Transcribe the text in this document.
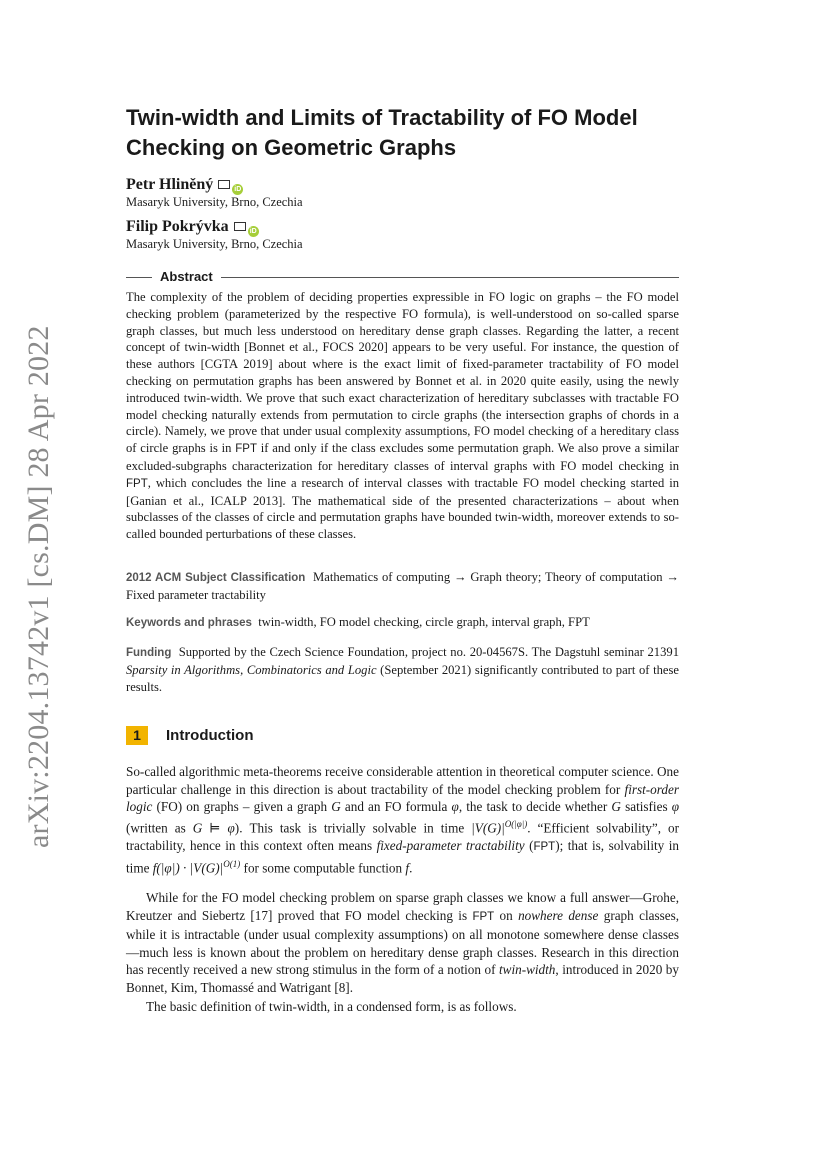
arXiv:2204.13742v1 [cs.DM] 28 Apr 2022
Twin-width and Limits of Tractability of FO Model Checking on Geometric Graphs
Petr Hliněný	iD
Masaryk University, Brno, Czechia
Filip Pokrývka	iD
Masaryk University, Brno, Czechia
Abstract

The complexity of the problem of deciding properties expressible in FO logic on graphs – the FO model checking problem (parameterized by the respective FO formula), is well-understood on so-called sparse graph classes, but much less understood on hereditary dense graph classes. Regarding the latter, a recent concept of twin-width [Bonnet et al., FOCS 2020] appears to be very useful. For instance, the question of these authors [CGTA 2019] about where is the exact limit of fixed-parameter tractability of FO model checking on permutation graphs has been answered by Bonnet et al. in 2020 quite easily, using the newly introduced twin-width. We prove that such exact characterization of hereditary subclasses with tractable FO model checking naturally extends from permutation to circle graphs (the intersection graphs of chords in a circle). Namely, we prove that under usual complexity assumptions, FO model checking of a hereditary class of circle graphs is in FPT if and only if the class excludes some permutation graph. We also prove a similar excluded-subgraphs characterization for hereditary classes of interval graphs with FO model checking in FPT, which concludes the line a research of interval classes with tractable FO model checking started in [Ganian et al., ICALP 2013]. The mathematical side of the presented characterizations – about when subclasses of the classes of circle and permutation graphs have bounded twin-width, moreover extends to so-called bounded perturbations of these classes.

2012 ACM Subject Classification Mathematics of computing → Graph theory; Theory of computation → Fixed parameter tractability

Keywords and phrases twin-width, FO model checking, circle graph, interval graph, FPT

Funding Supported by the Czech Science Foundation, project no. 20-04567S. The Dagstuhl seminar 21391 Sparsity in Algorithms, Combinatorics and Logic (September 2021) significantly contributed to part of these results.

1 Introduction

So-called algorithmic meta-theorems receive considerable attention in theoretical computer science. One particular challenge in this direction is about tractability of the model checking problem for first-order logic (FO) on graphs – given a graph G and an FO formula φ, the task to decide whether G satisfies φ (written as G ⊨ φ). This task is trivially solvable in time $|V(G)|^{O(|\varphi|)}$. “Efficient solvability”, or tractability, hence in this context often means fixed-parameter tractability (FPT); that is, solvability in time $f(|\varphi|) \cdot |V(G)|^{O(1)}$ for some computable function f.

While for the FO model checking problem on sparse graph classes we know a full answer—Grohe, Kreutzer and Siebertz [17] proved that FO model checking is FPT on nowhere dense graph classes, while it is intractable (under usual complexity assumptions) on all monotone somewhere dense classes—much less is known about the problem on hereditary dense graph classes. Research in this direction has recently received a new strong stimulus in the form of a notion of twin-width, introduced in 2020 by Bonnet, Kim, Thomassé and Watrigant [8].

The basic definition of twin-width, in a condensed form, is as follows.
